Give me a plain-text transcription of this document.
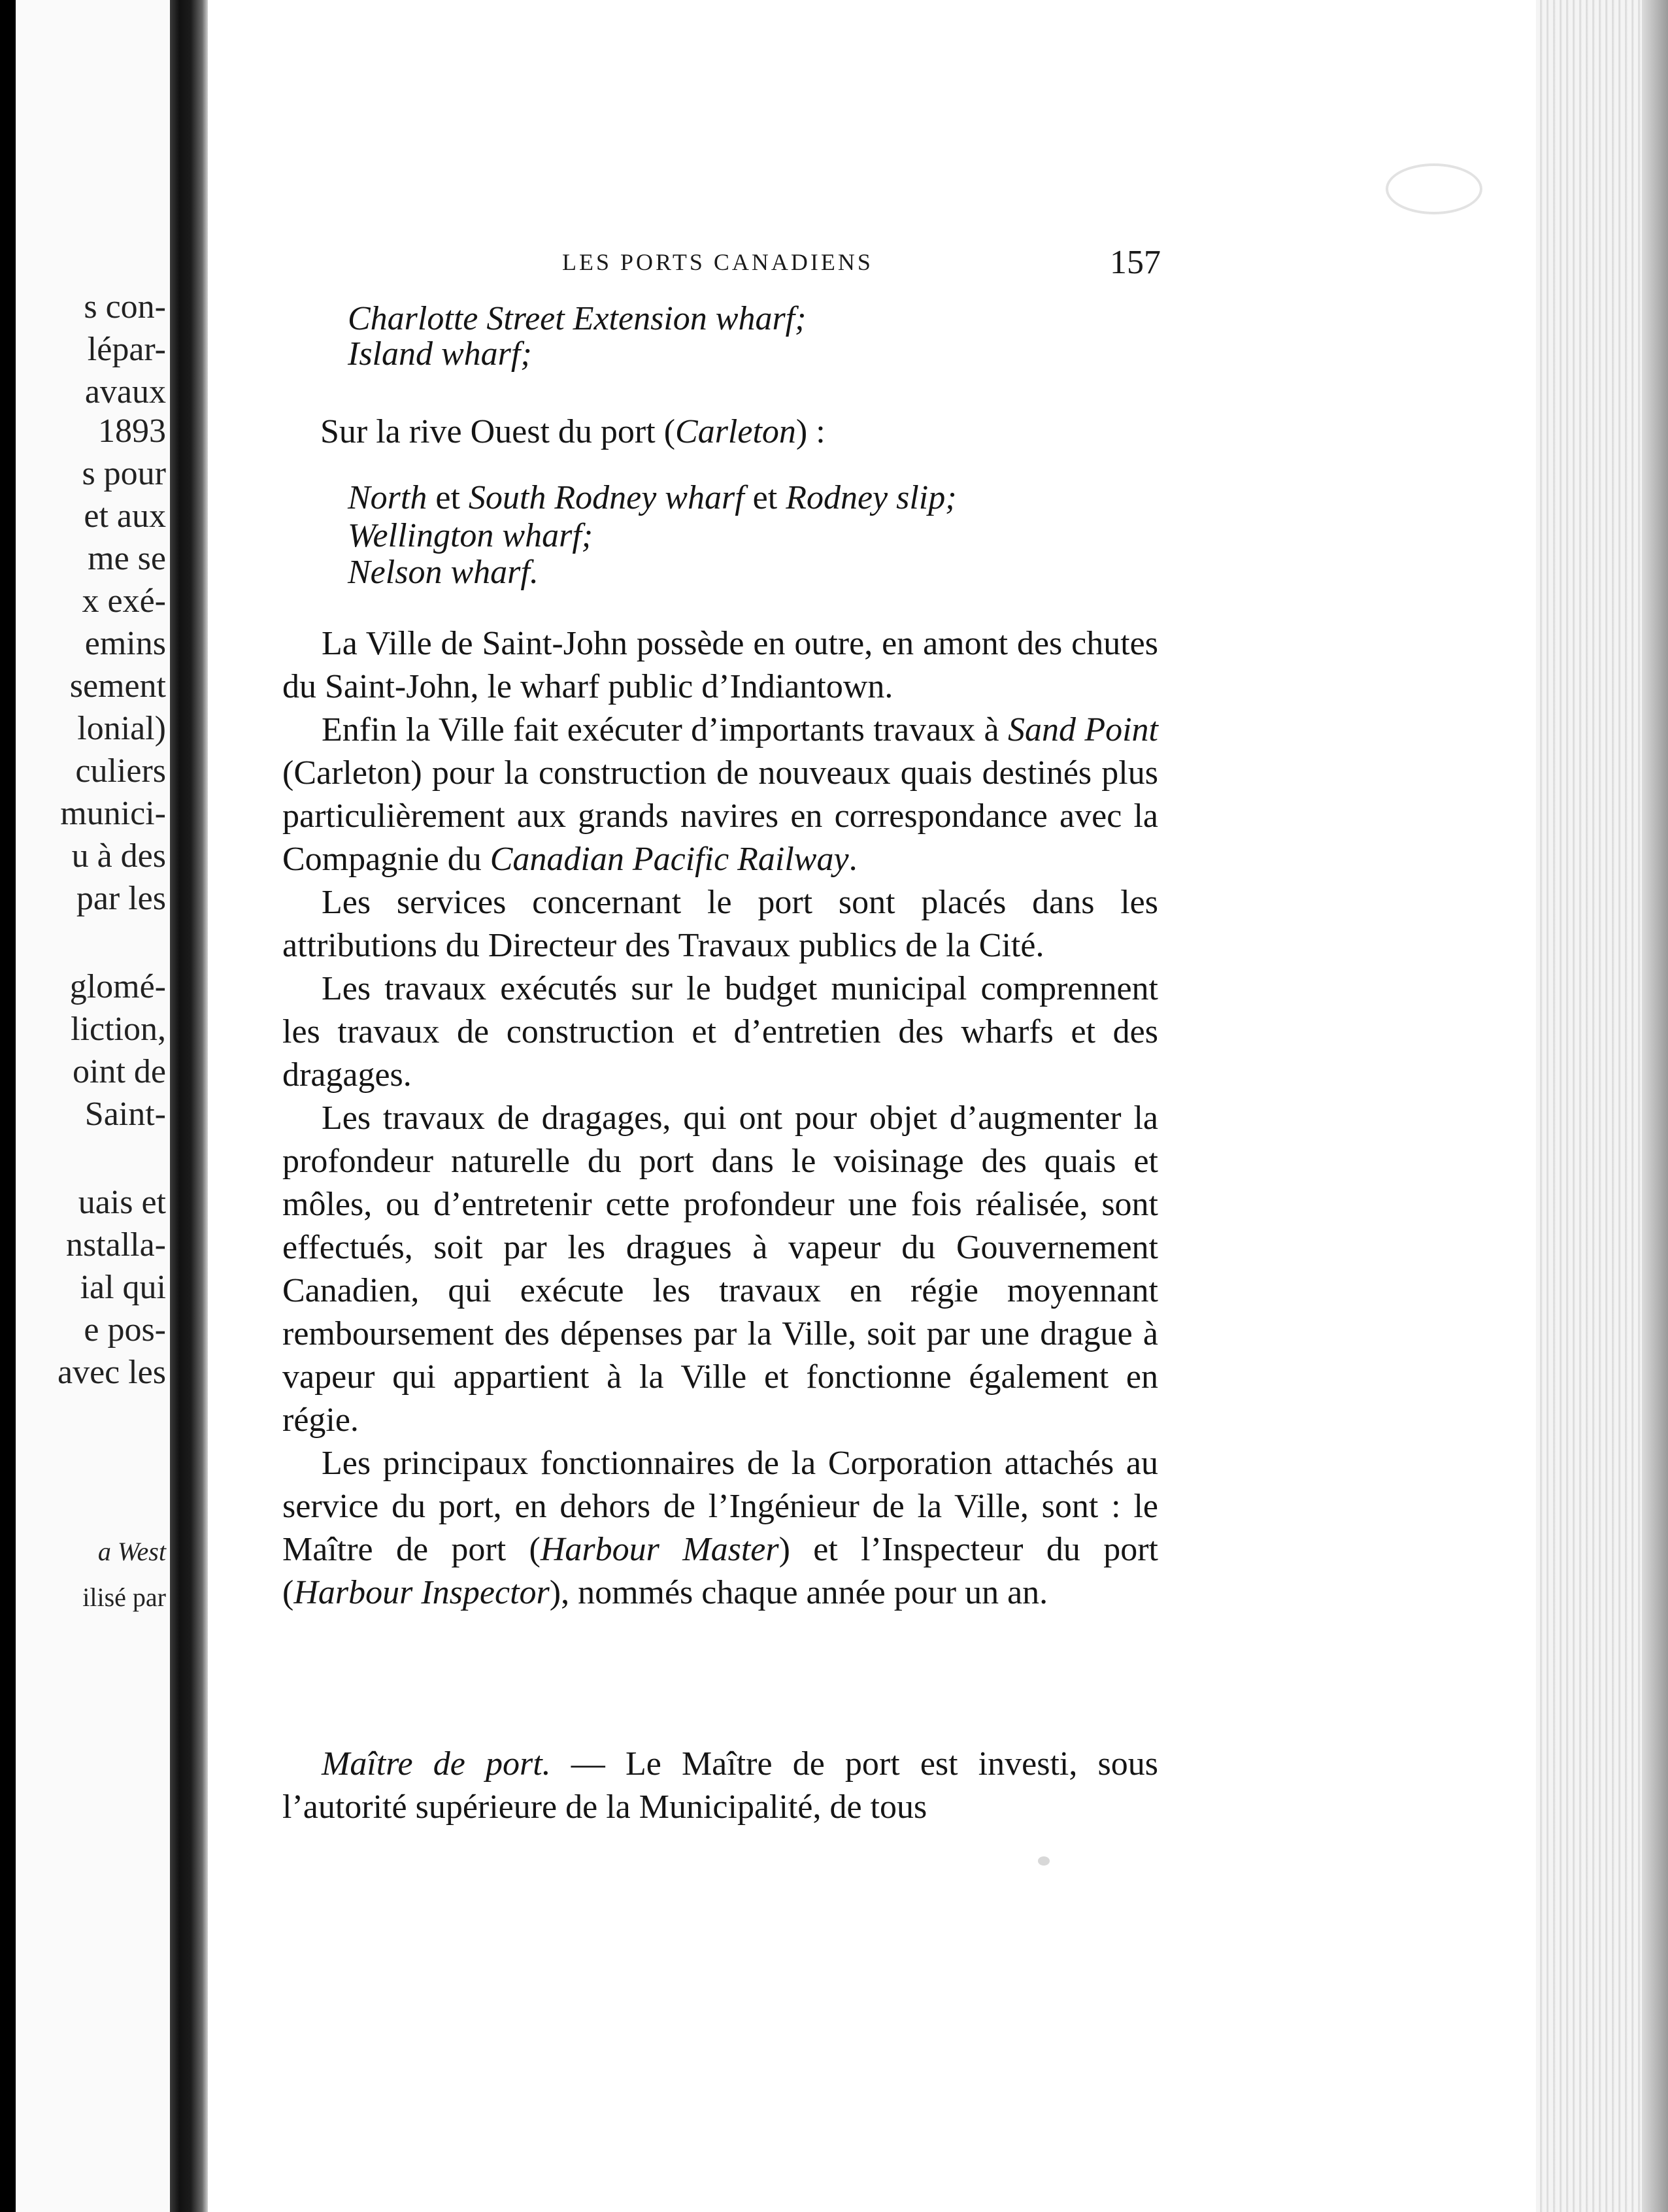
s con-
lépar-
avaux
1893
s pour
et aux
me se
x exé-
emins
sement
lonial)
culiers
munici-
u à des
par les
glomé-
liction,
oint de
Saint-
uais et
nstalla-
ial qui
e pos-
avec les
a West
ilisé par
LES PORTS CANADIENS	157
Charlotte Street Extension wharf;
Island wharf;
Sur la rive Ouest du port (Carleton) :
North et South Rodney wharf et Rodney slip;
Wellington wharf;
Nelson wharf.

La Ville de Saint-John possède en outre, en amont des chutes du Saint-John, le wharf public d’Indiantown.

Enfin la Ville fait exécuter d’importants travaux à Sand Point (Carleton) pour la construction de nouveaux quais destinés plus particulièrement aux grands navires en correspondance avec la Compagnie du Canadian Pacific Railway.

Les services concernant le port sont placés dans les attributions du Directeur des Travaux publics de la Cité.

Les travaux exécutés sur le budget municipal comprennent les travaux de construction et d’entretien des wharfs et des dragages.

Les travaux de dragages, qui ont pour objet d’augmenter la profondeur naturelle du port dans le voisinage des quais et môles, ou d’entretenir cette profondeur une fois réalisée, sont effectués, soit par les dragues à vapeur du Gouvernement Canadien, qui exécute les travaux en régie moyennant remboursement des dépenses par la Ville, soit par une drague à vapeur qui appartient à la Ville et fonctionne également en régie.

Les principaux fonctionnaires de la Corporation attachés au service du port, en dehors de l’Ingénieur de la Ville, sont : le Maître de port (Harbour Master) et l’Inspecteur du port (Harbour Inspector), nommés chaque année pour un an.

Maître de port. — Le Maître de port est investi, sous l’autorité supérieure de la Municipalité, de tous
